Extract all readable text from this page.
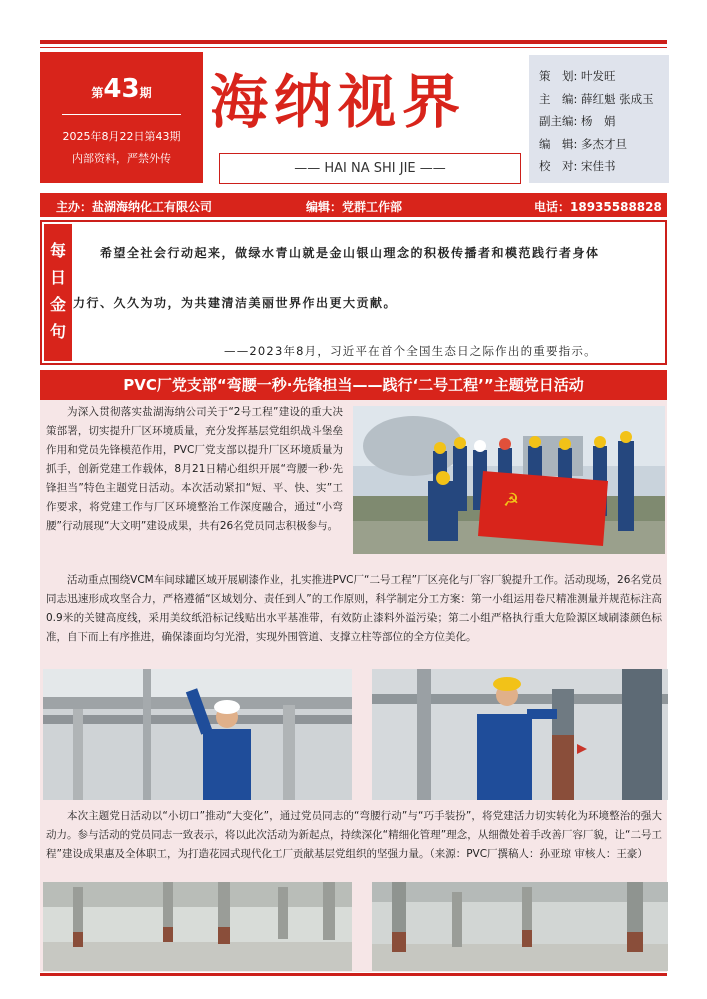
第43期
2025年8月22日第43期
内部资料，严禁外传
海纳视界
—— HAI NA SHI JIE ——
策　划: 叶发旺
主　编: 薛红魁 张成玉
副主编: 杨　娟
编　辑: 多杰才旦
校　对: 宋佳书
主办：盐湖海纳化工有限公司	编辑：党群工作部	电话：18935588828
每
日
金
句
希望全社会行动起来，做绿水青山就是金山银山理念的积极传播者和模范践行者身体
力行、久久为功，为共建清洁美丽世界作出更大贡献。
——2023年8月，习近平在首个全国生态日之际作出的重要指示。
PVC厂党支部“弯腰一秒·先锋担当——践行‘二号工程’”主题党日活动
为深入贯彻落实盐湖海纳公司关于“2号工程”建设的重大决策部署，切实提升厂区环境质量，充分发挥基层党组织战斗堡垒作用和党员先锋模范作用，PVC厂党支部以提升厂区环境质量为抓手，创新党建工作载体，8月21日精心组织开展“弯腰一秒·先锋担当”特色主题党日活动。本次活动紧扣“短、平、快、实”工作要求，将党建工作与厂区环境整治工作深度融合，通过“小弯腰”行动展现“大文明”建设成果，共有26名党员同志积极参与。
☭
活动重点围绕VCM车间球罐区域开展刷漆作业，扎实推进PVC厂“二号工程”厂区亮化与厂容厂貌提升工作。活动现场，26名党员同志迅速形成攻坚合力，严格遵循“区域划分、责任到人”的工作原则，科学制定分工方案：第一小组运用卷尺精准测量并规范标注高0.9米的关键高度线，采用美纹纸沿标记线贴出水平基准带，有效防止漆料外溢污染；第二小组严格执行重大危险源区域刷漆颜色标准，自下而上有序推进，确保漆面均匀光滑，实现外围管道、支撑立柱等部位的全方位美化。
本次主题党日活动以“小切口”推动“大变化”，通过党员同志的“弯腰行动”与“巧手装扮”，将党建活力切实转化为环境整治的强大动力。参与活动的党员同志一致表示，将以此次活动为新起点，持续深化“精细化管理”理念，从细微处着手改善厂容厂貌，让“二号工程”建设成果惠及全体职工，为打造花园式现代化工厂贡献基层党组织的坚强力量。（来源：PVC厂撰稿人：孙亚琼 审核人：王豪）
